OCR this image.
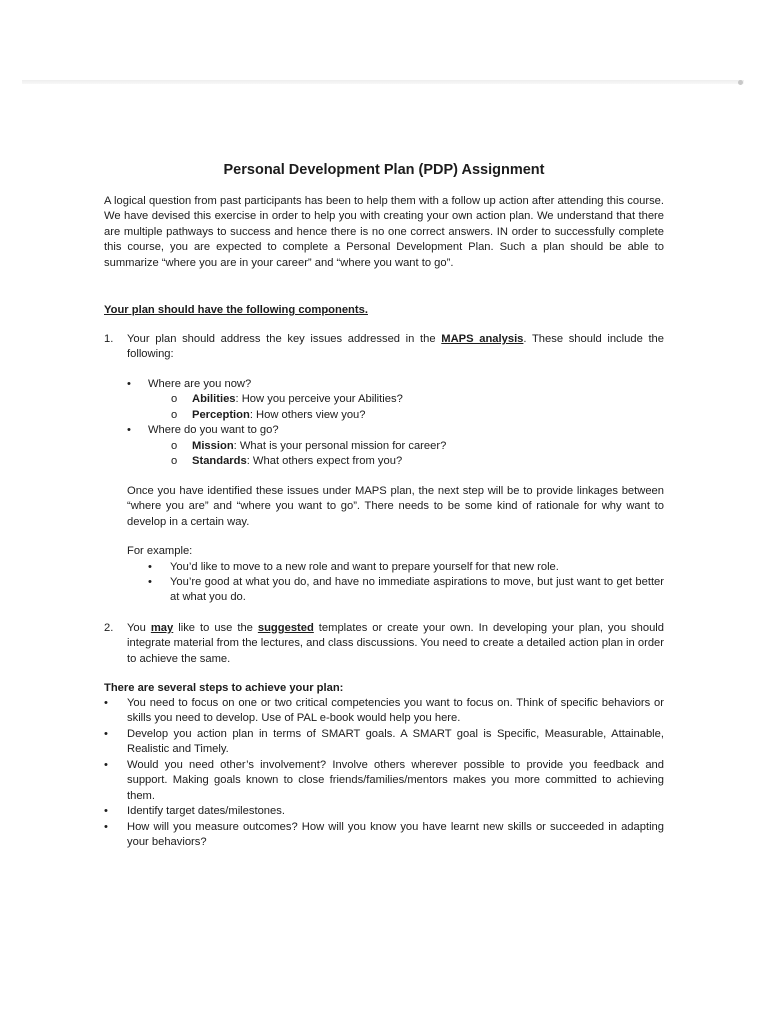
Personal Development Plan (PDP) Assignment

A logical question from past participants has been to help them with a follow up action after attending this course. We have devised this exercise in order to help you with creating your own action plan. We understand that there are multiple pathways to success and hence there is no one correct answers. IN order to successfully complete this course, you are expected to complete a Personal Development Plan. Such a plan should be able to summarize “where you are in your career” and “where you want to go”.

Your plan should have the following components.

1. Your plan should address the key issues addressed in the MAPS analysis. These should include the following:

• Where are you now?
o Abilities: How you perceive your Abilities?
o Perception: How others view you?
• Where do you want to go?
o Mission: What is your personal mission for career?
o Standards: What others expect from you?

Once you have identified these issues under MAPS plan, the next step will be to provide linkages between “where you are” and “where you want to go”. There needs to be some kind of rationale for why want to develop in a certain way.

For example:
• You’d like to move to a new role and want to prepare yourself for that new role.

• You’re good at what you do, and have no immediate aspirations to move, but just want to get better at what you do.

2. You may like to use the suggested templates or create your own. In developing your plan, you should integrate material from the lectures, and class discussions. You need to create a detailed action plan in order to achieve the same.

There are several steps to achieve your plan:

• You need to focus on one or two critical competencies you want to focus on. Think of specific behaviors or skills you need to develop. Use of PAL e-book would help you here.

• Develop you action plan in terms of SMART goals. A SMART goal is Specific, Measurable, Attainable, Realistic and Timely.

• Would you need other’s involvement? Involve others wherever possible to provide you feedback and support. Making goals known to close friends/families/mentors makes you more committed to achieving them.

• Identify target dates/milestones.

• How will you measure outcomes? How will you know you have learnt new skills or succeeded in adapting your behaviors?
